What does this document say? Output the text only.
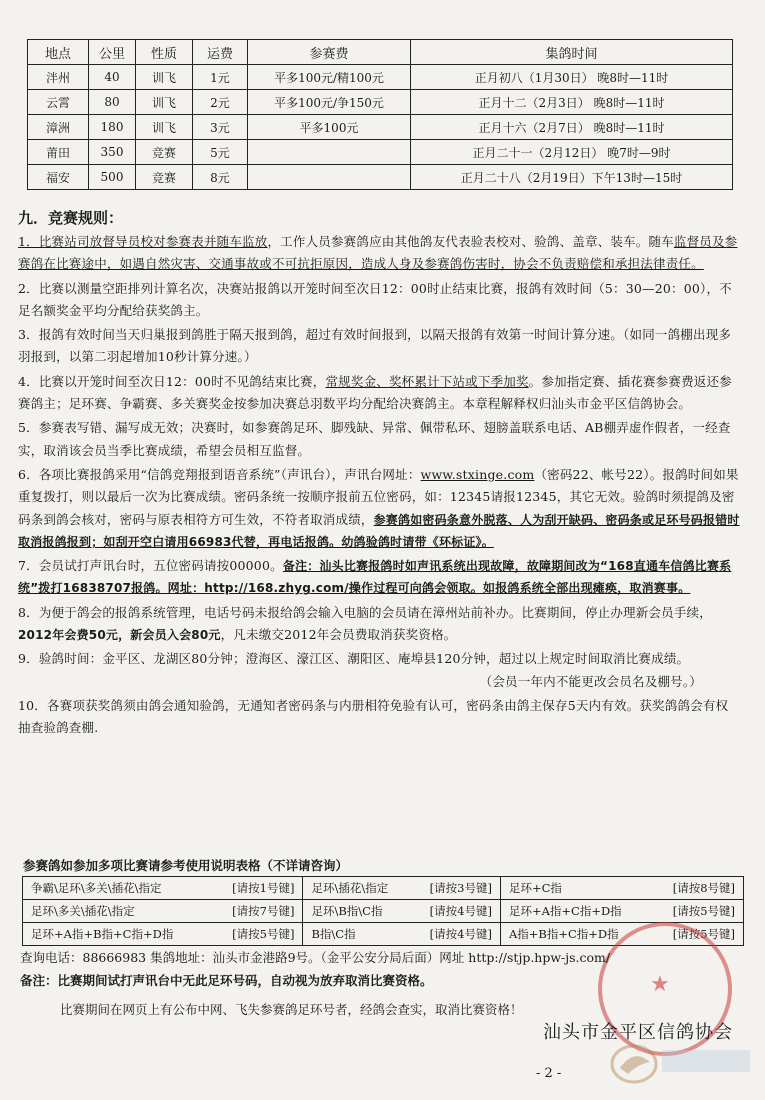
地点	公里	性质	运费	参赛费	集鸽时间
泮州	40	训飞	1元	平多100元/精100元	正月初八（1月30日） 晚8时—11时
云霄	80	训飞	2元	平多100元/争150元	正月十二（2月3日） 晚8时—11时
漳洲	180	训飞	3元	平多100元	正月十六（2月7日） 晚8时—11时
莆田	350	竞赛	5元		正月二十一（2月12日） 晚7时—9时
福安	500	竞赛	8元		正月二十八（2月19日）下午13时—15时
九．竞赛规则：
1．比赛站司放督导员校对参赛表并随车监放，工作人员参赛鸽应由其他鸽友代表验表校对、验鸽、盖章、装车。随车监督员及参赛鸽在比赛途中，如遇自然灾害、交通事故或不可抗拒原因，造成人身及参赛鸽伤害时，协会不负责赔偿和承担法律责任。
2．比赛以测量空距排列计算名次，决赛站报鸽以开笼时间至次日12：00时止结束比赛，报鸽有效时间（5：30—20：00），不足名额奖金平均分配给获奖鸽主。
3．报鸽有效时间当天归巢报到鸽胜于隔天报到鸽，超过有效时间报到，以隔天报鸽有效第一时间计算分速。（如同一鸽棚出现多羽报到，以第二羽起增加10秒计算分速。）
4．比赛以开笼时间至次日12：00时不见鸽结束比赛，常规奖金、奖杯累计下站或下季加奖。参加指定赛、插花赛参赛费返还参赛鸽主；足环赛、争霸赛、多关赛奖金按参加决赛总羽数平均分配给决赛鸽主。本章程解释权归汕头市金平区信鸽协会。
5．参赛表写错、漏写成无效；决赛时，如参赛鸽足环、脚残缺、异常、佩带私环、翅膀盖联系电话、AB棚弄虚作假者，一经查实，取消该会员当季比赛成绩，希望会员相互监督。
6．各项比赛报鸽采用“信鸽竞翔报到语音系统”（声讯台），声讯台网址：www.stxinge.com（密码22、帐号22）。报鸽时间如果重复拨打，则以最后一次为比赛成绩。密码条统一按顺序报前五位密码，如：12345请报12345，其它无效。验鸽时须提鸽及密码条到鸽会核对，密码与原表相符方可生效，不符者取消成绩，参赛鸽如密码条意外脱落、人为刮开缺码、密码条或足环号码报错时取消报鸽报到；如刮开空白请用66983代替，再电话报鸽。幼鸽验鸽时请带《环标证》。
7．会员试打声讯台时，五位密码请按00000。备注：汕头比赛报鸽时如声讯系统出现故障，故障期间改为“168直通车信鸽比赛系统”拨打16838707报鸽。网址：http://168.zhyg.com/操作过程可向鸽会领取。如报鸽系统全部出现瘫痪，取消赛事。
8．为便于鸽会的报鸽系统管理，电话号码未报给鸽会输入电脑的会员请在漳州站前补办。比赛期间，停止办理新会员手续，2012年会费50元，新会员入会80元，凡未缴交2012年会员费取消获奖资格。
9．验鸽时间：金平区、龙湖区80分钟；澄海区、濠江区、潮阳区、庵埠县120分钟，超过以上规定时间取消比赛成绩。
（会员一年内不能更改会员名及棚号。）
10．各赛项获奖鸽须由鸽会通知验鸽，无通知者密码条与内册相符免验有认可，密码条由鸽主保存5天内有效。获奖鸽鸽会有权抽查验鸽查棚.
参赛鸽如参加多项比赛请参考使用说明表格（不详请咨询）
争霸\足环\多关\插花\指定 [请按1号键]	足环\插花\指定 [请按3号键]	足环+C指 [请按8号键]

足环\多关\插花\指定 [请按7号键]	足环\B指\C指 [请按4号键]	足环+A指+C指+D指 [请按5号键]

足环+A指+B指+C指+D指 [请按5号键]	B指\C指 [请按4号键]	A指+B指+C指+D指 [请按5号键]
★
查询电话：88666983 集鸽地址：汕头市金港路9号。（金平公安分局后面）网址 http://stjp.hpw-js.com/
备注：比赛期间试打声讯台中无此足环号码，自动视为放弃取消比赛资格。
比赛期间在网页上有公布中网、飞失参赛鸽足环号者，经鸽会查实，取消比赛资格！
汕头市金平区信鸽协会
- 2 -
